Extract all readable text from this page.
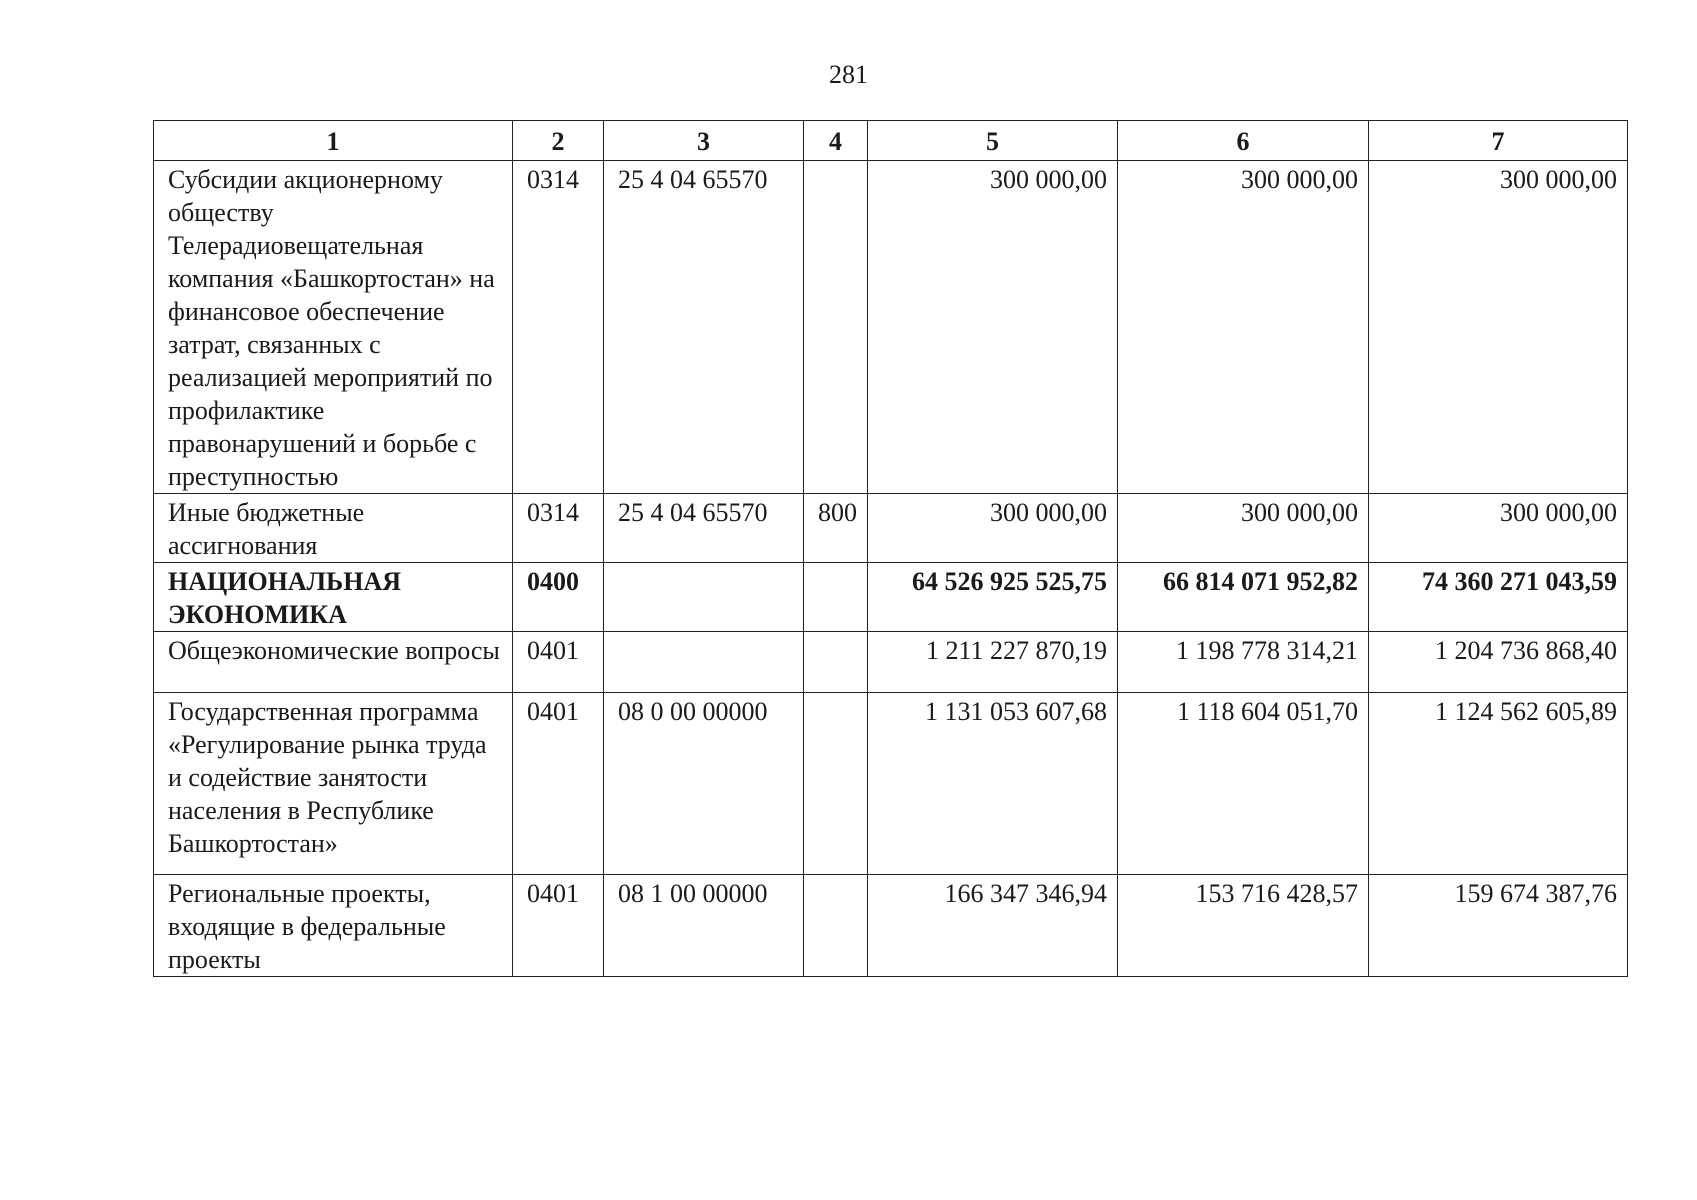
281
1	2	3	4	5	6	7
Субсидии акционерному обществу Телерадиовещательная компания «Башкортостан» на финансовое обеспечение затрат, связанных с реализацией мероприятий по профилактике правонарушений и борьбе с преступностью	0314	25 4 04 65570		300 000,00	300 000,00	300 000,00
Иные бюджетные ассигнования	0314	25 4 04 65570	800	300 000,00	300 000,00	300 000,00
НАЦИОНАЛЬНАЯ ЭКОНОМИКА	0400			64 526 925 525,75	66 814 071 952,82	74 360 271 043,59
Общеэкономические вопросы	0401			1 211 227 870,19	1 198 778 314,21	1 204 736 868,40
Государственная программа «Регулирование рынка труда и содействие занятости населения в Республике Башкортостан»	0401	08 0 00 00000		1 131 053 607,68	1 118 604 051,70	1 124 562 605,89
Региональные проекты, входящие в федеральные проекты	0401	08 1 00 00000		166 347 346,94	153 716 428,57	159 674 387,76
